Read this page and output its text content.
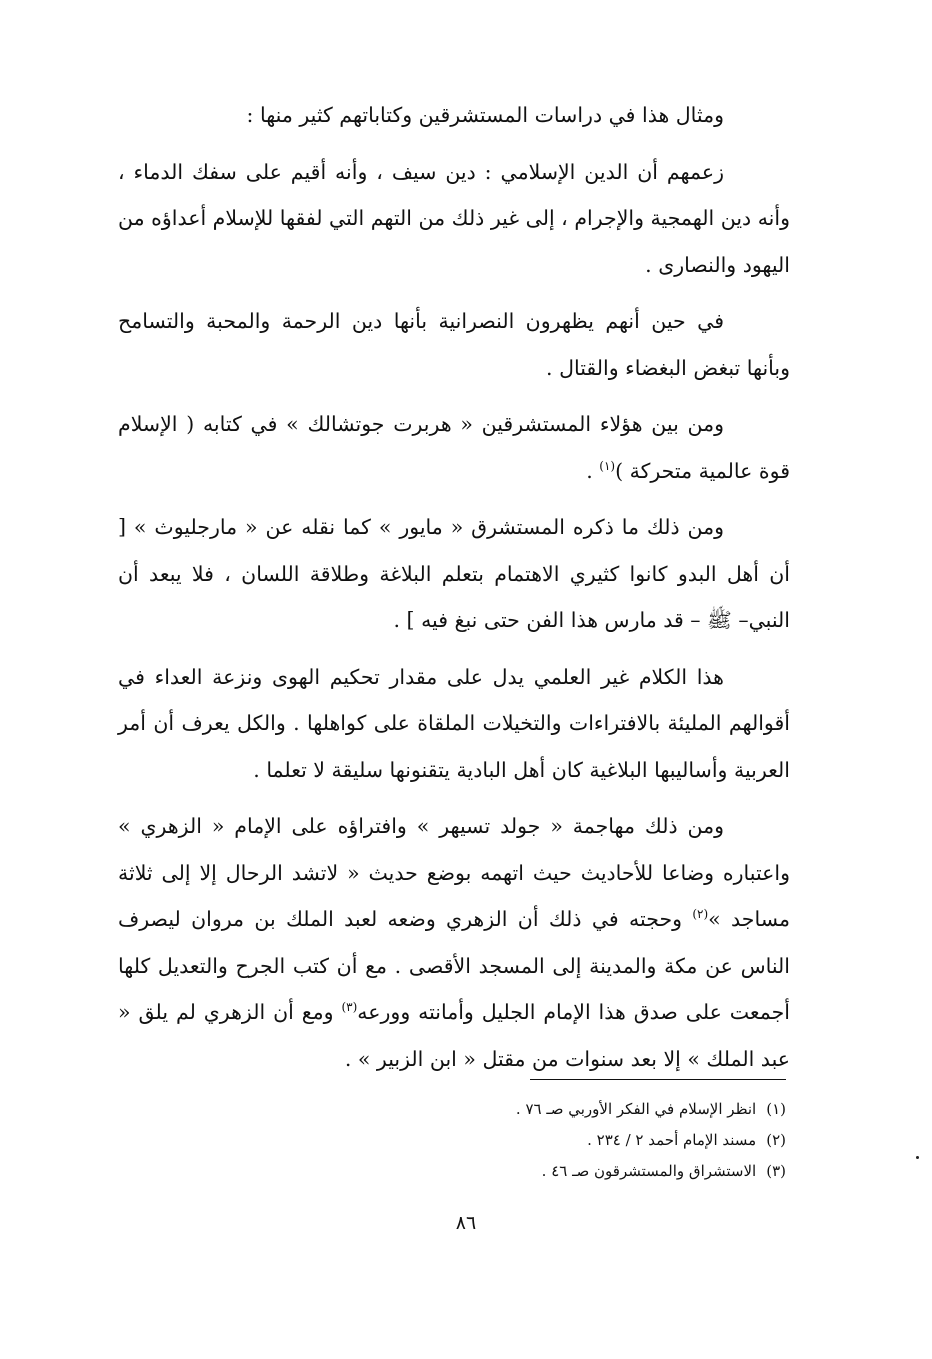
ومثال هذا في دراسات المستشرقين وكتاباتهم كثير منها :

زعمهم أن الدين الإسلامي : دين سيف ، وأنه أقيم على سفك الدماء ، وأنه دين الهمجية والإجرام ، إلى غير ذلك من التهم التي لفقها للإسلام أعداؤه من اليهود والنصارى .

في حين أنهم يظهرون النصرانية بأنها دين الرحمة والمحبة والتسامح وبأنها تبغض البغضاء والقتال .

ومن بين هؤلاء المستشرقين « هربرت جوتشالك » في كتابه ( الإسلام قوة عالمية متحركة )$^{(١)}$ .

ومن ذلك ما ذكره المستشرق « مايور » كما نقله عن « مارجليوث » [ أن أهل البدو كانوا كثيري الاهتمام بتعلم البلاغة وطلاقة اللسان ، فلا يبعد أن النبي– ﷺ – قد مارس هذا الفن حتى نبغ فيه ] .

هذا الكلام غير العلمي يدل على مقدار تحكيم الهوى ونزعة العداء في أقوالهم المليئة بالافتراءات والتخيلات الملقاة على كواهلها . والكل يعرف أن أمر العربية وأساليبها البلاغية كان أهل البادية يتقنونها سليقة لا تعلما .

ومن ذلك مهاجمة « جولد تسيهر » وافتراؤه على الإمام « الزهري » واعتباره وضاعا للأحاديث حيث اتهمه بوضع حديث « لاتشد الرحال إلا إلى ثلاثة مساجد »$^{(٢)}$ وحجته في ذلك أن الزهري وضعه لعبد الملك بن مروان ليصرف الناس عن مكة والمدينة إلى المسجد الأقصى . مع أن كتب الجرح والتعديل كلها أجمعت على صدق هذا الإمام الجليل وأمانته وورعه$^{(٣)}$ ومع أن الزهري لم يلق « عبد الملك » إلا بعد سنوات من مقتل « ابن الزبير » .

(١)انظر الإسلام في الفكر الأوربي صـ ٧٦ .

(٢)مسند الإمام أحمد ٢ / ٢٣٤ .

(٣)الاستشراق والمستشرقون صـ ٤٦ .

٨٦
